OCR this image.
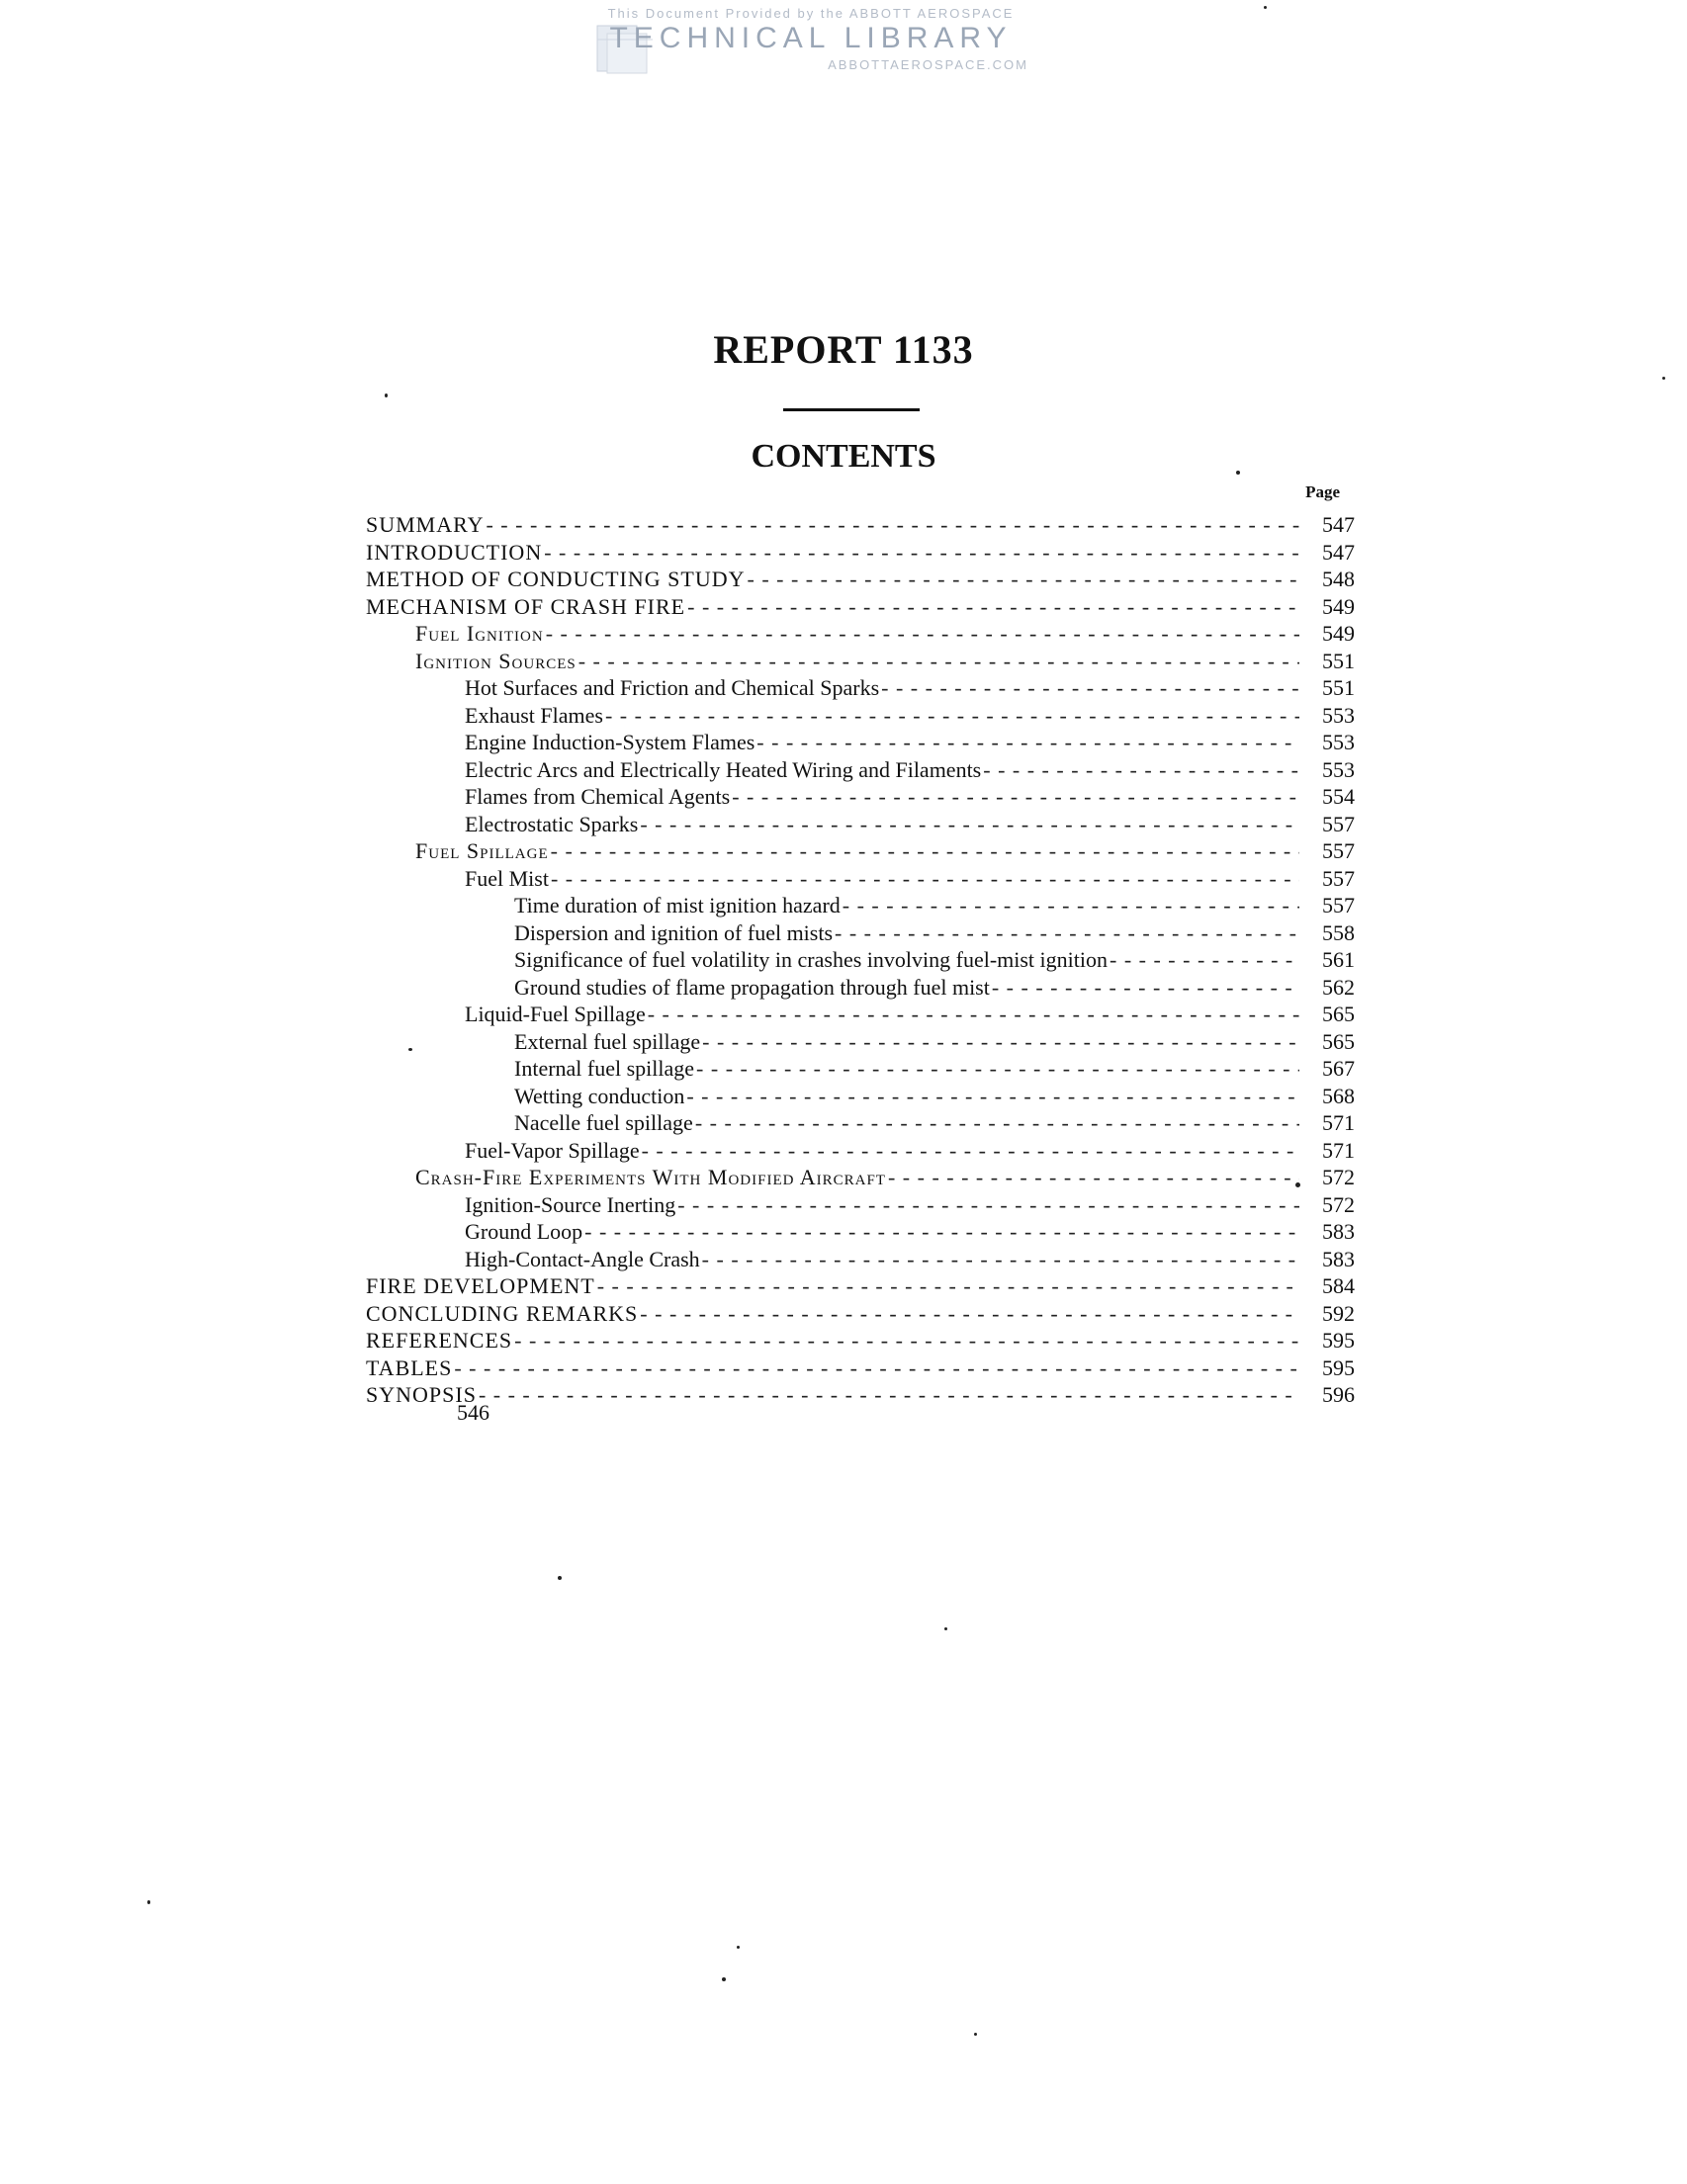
This Document Provided by the ABBOTT AEROSPACE
TECHNICAL LIBRARY
ABBOTTAEROSPACE.COM
REPORT 1133
CONTENTS
Page
SUMMARY - - -	547
INTRODUCTION - - -	547
METHOD OF CONDUCTING STUDY - - -	548
MECHANISM OF CRASH FIRE - - -	549
Fuel Ignition - - -	549
Ignition Sources - - -	551
Hot Surfaces and Friction and Chemical Sparks - - -	551
Exhaust Flames - - -	553
Engine Induction-System Flames - - -	553
Electric Arcs and Electrically Heated Wiring and Filaments - - -	553
Flames from Chemical Agents - - -	554
Electrostatic Sparks - - -	557
Fuel Spillage - - -	557
Fuel Mist - - -	557
Time duration of mist ignition hazard - - -	557
Dispersion and ignition of fuel mists - - -	558
Significance of fuel volatility in crashes involving fuel-mist ignition - - -	561
Ground studies of flame propagation through fuel mist - - -	562
Liquid-Fuel Spillage - - -	565
External fuel spillage - - -	565
Internal fuel spillage - - -	567
Wetting conduction - - -	568
Nacelle fuel spillage - - -	571
Fuel-Vapor Spillage - - -	571
Crash-Fire Experiments With Modified Aircraft - - -	572
Ignition-Source Inerting - - -	572
Ground Loop - - -	583
High-Contact-Angle Crash - - -	583
FIRE DEVELOPMENT - - -	584
CONCLUDING REMARKS - - -	592
REFERENCES - - -	595
TABLES - - -	595
SYNOPSIS - - -	596
546
